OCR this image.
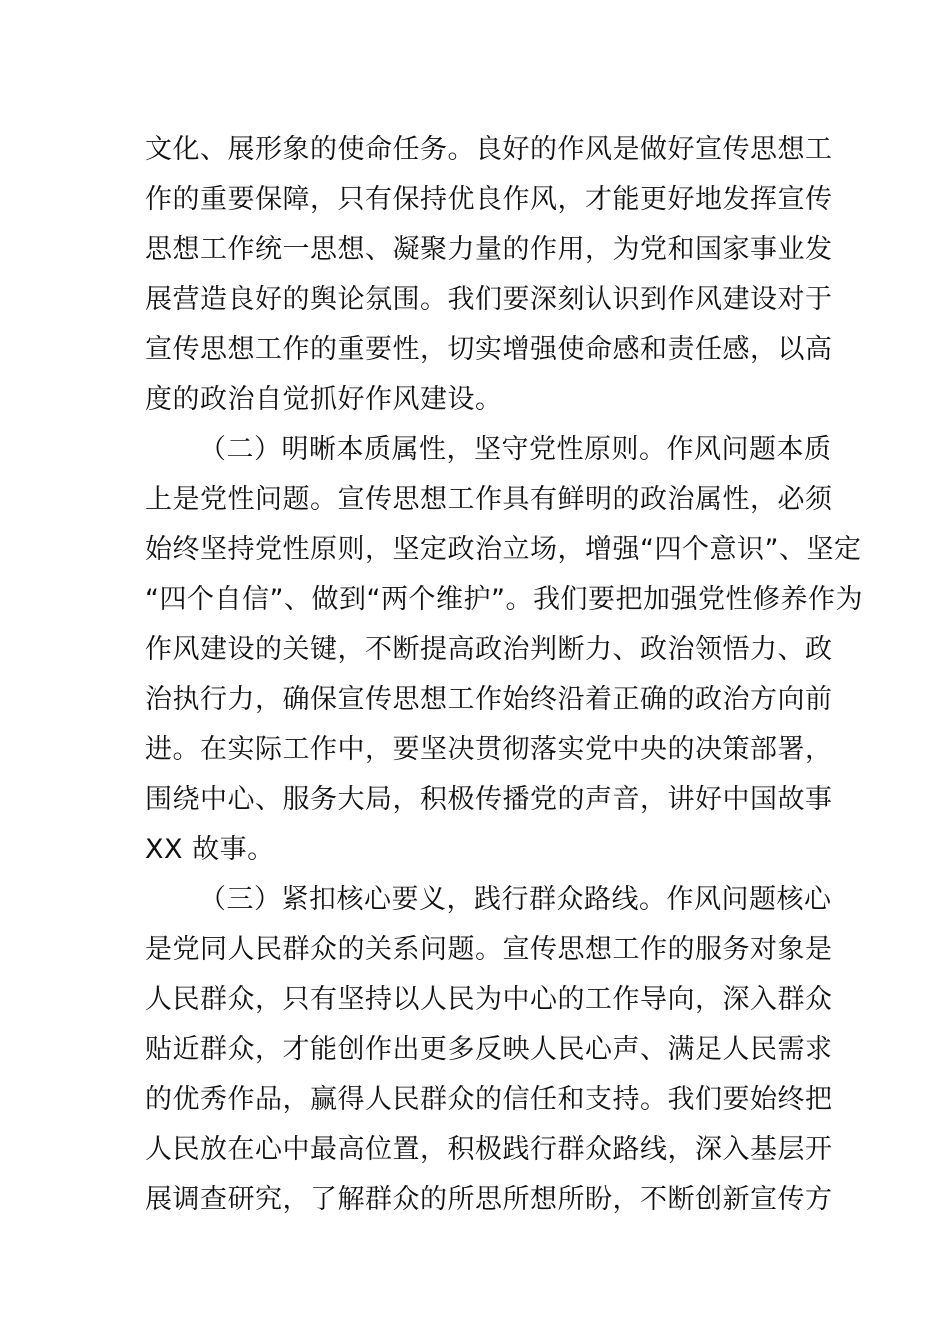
文化、展形象的使命任务。良好的作风是做好宣传思想工
作的重要保障，只有保持优良作风，才能更好地发挥宣传
思想工作统一思想、凝聚力量的作用，为党和国家事业发
展营造良好的舆论氛围。我们要深刻认识到作风建设对于
宣传思想工作的重要性，切实增强使命感和责任感，以高
度的政治自觉抓好作风建设。
（二）明晰本质属性，坚守党性原则。作风问题本质
上是党性问题。宣传思想工作具有鲜明的政治属性，必须
始终坚持党性原则，坚定政治立场，增强“四个意识”、坚定
“四个自信”、做到“两个维护”。我们要把加强党性修养作为
作风建设的关键，不断提高政治判断力、政治领悟力、政
治执行力，确保宣传思想工作始终沿着正确的政治方向前
进。在实际工作中，要坚决贯彻落实党中央的决策部署，
围绕中心、服务大局，积极传播党的声音，讲好中国故事
XX 故事。
（三）紧扣核心要义，践行群众路线。作风问题核心
是党同人民群众的关系问题。宣传思想工作的服务对象是
人民群众，只有坚持以人民为中心的工作导向，深入群众
贴近群众，才能创作出更多反映人民心声、满足人民需求
的优秀作品，赢得人民群众的信任和支持。我们要始终把
人民放在心中最高位置，积极践行群众路线，深入基层开
展调查研究，了解群众的所思所想所盼，不断创新宣传方
